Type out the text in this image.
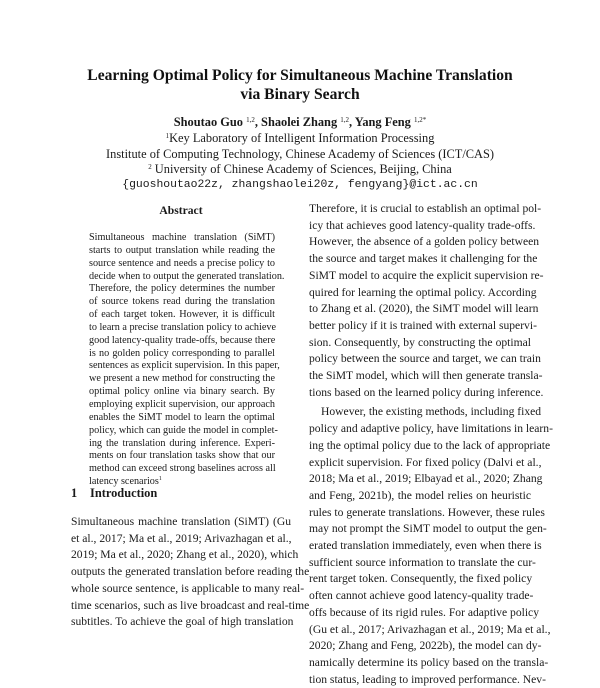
Learning Optimal Policy for Simultaneous Machine Translation
via Binary Search
Shoutao Guo $^{1,2}$, Shaolei Zhang $^{1,2}$, Yang Feng $^{1,2*}$
$^1$Key Laboratory of Intelligent Information Processing
Institute of Computing Technology, Chinese Academy of Sciences (ICT/CAS)
$^2$ University of Chinese Academy of Sciences, Beijing, China
{guoshoutao22z, zhangshaolei20z, fengyang}@ict.ac.cn
Abstract
Simultaneous machine translation (SiMT)
starts to output translation while reading the
source sentence and needs a precise policy to
decide when to output the generated translation.
Therefore, the policy determines the number
of source tokens read during the translation
of each target token. However, it is difficult
to learn a precise translation policy to achieve
good latency-quality trade-offs, because there
is no golden policy corresponding to parallel
sentences as explicit supervision. In this paper,
we present a new method for constructing the
optimal policy online via binary search. By
employing explicit supervision, our approach
enables the SiMT model to learn the optimal
policy, which can guide the model in complet-
ing the translation during inference. Experi-
ments on four translation tasks show that our
method can exceed strong baselines across all
latency scenarios$^1$
1 Introduction
Simultaneous machine translation (SiMT) (Gu
et al., 2017; Ma et al., 2019; Arivazhagan et al.,
2019; Ma et al., 2020; Zhang et al., 2020), which
outputs the generated translation before reading the
whole source sentence, is applicable to many real-
time scenarios, such as live broadcast and real-time
subtitles. To achieve the goal of high translation
Therefore, it is crucial to establish an optimal pol-
icy that achieves good latency-quality trade-offs.
However, the absence of a golden policy between
the source and target makes it challenging for the
SiMT model to acquire the explicit supervision re-
quired for learning the optimal policy. According
to Zhang et al. (2020), the SiMT model will learn
better policy if it is trained with external supervi-
sion. Consequently, by constructing the optimal
policy between the source and target, we can train
the SiMT model, which will then generate transla-
tions based on the learned policy during inference.
However, the existing methods, including fixed
policy and adaptive policy, have limitations in learn-
ing the optimal policy due to the lack of appropriate
explicit supervision. For fixed policy (Dalvi et al.,
2018; Ma et al., 2019; Elbayad et al., 2020; Zhang
and Feng, 2021b), the model relies on heuristic
rules to generate translations. However, these rules
may not prompt the SiMT model to output the gen-
erated translation immediately, even when there is
sufficient source information to translate the cur-
rent target token. Consequently, the fixed policy
often cannot achieve good latency-quality trade-
offs because of its rigid rules. For adaptive policy
(Gu et al., 2017; Arivazhagan et al., 2019; Ma et al.,
2020; Zhang and Feng, 2022b), the model can dy-
namically determine its policy based on the transla-
tion status, leading to improved performance. Nev-
